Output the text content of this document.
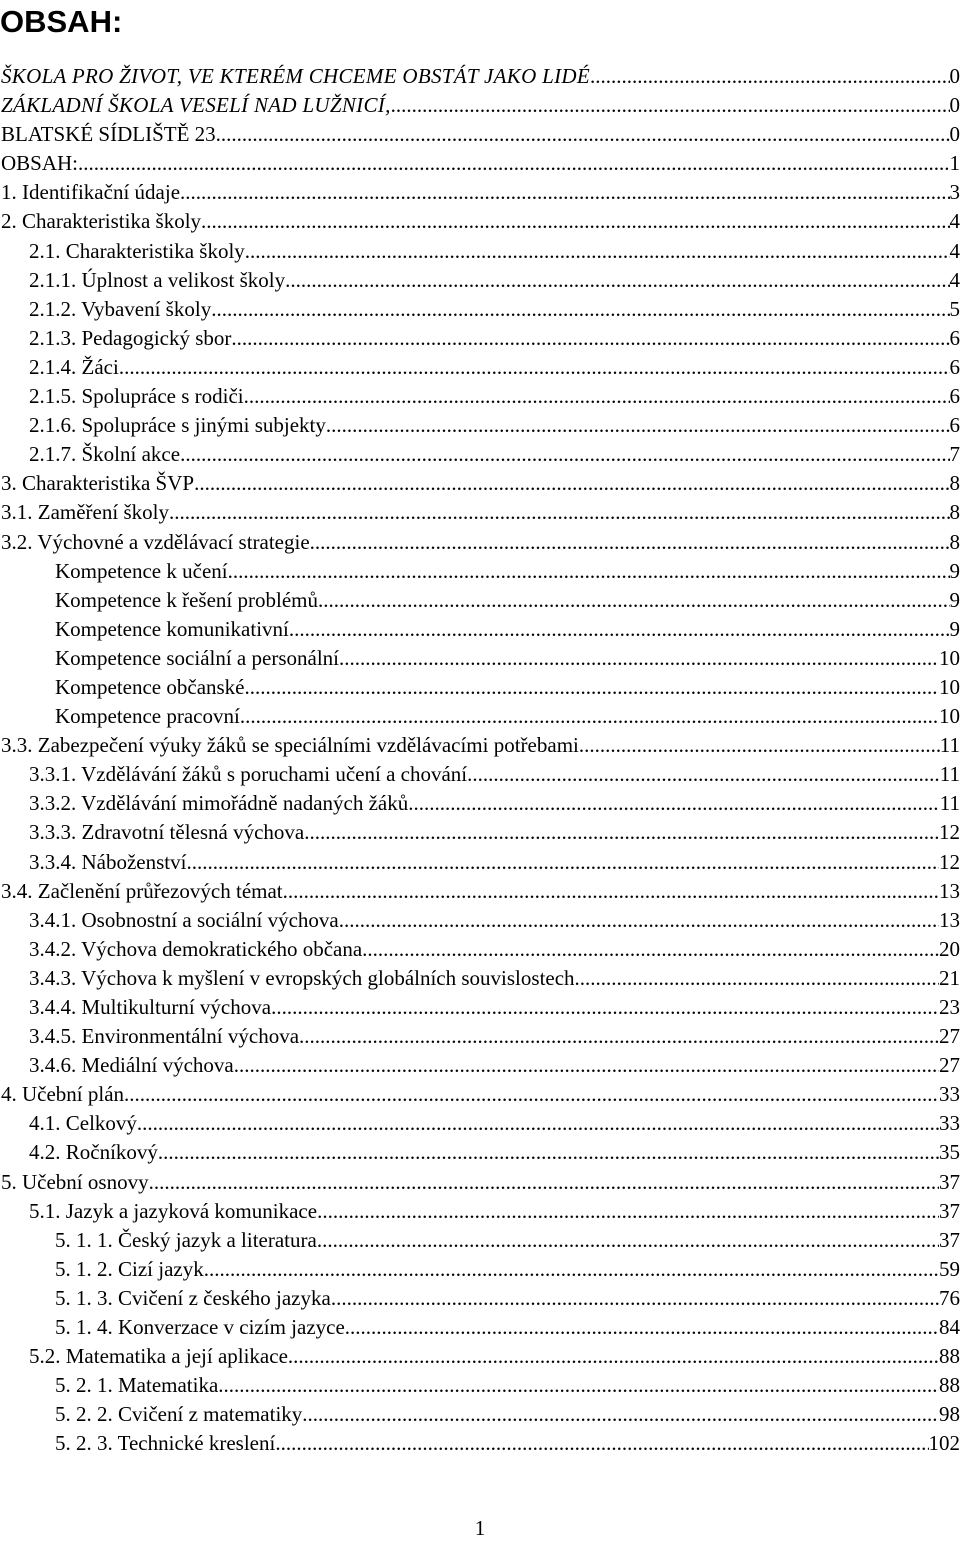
OBSAH:
ŠKOLA PRO ŽIVOT, VE KTERÉM CHCEME OBSTÁT JAKO LIDÉ .....	0
ZÁKLADNÍ ŠKOLA VESELÍ NAD LUŽNICÍ, .....	0
BLATSKÉ SÍDLIŠTĚ 23. .....	0
OBSAH: .....	1
1. Identifikační údaje .....	3
2. Charakteristika školy .....	4
2.1. Charakteristika školy .....	4
2.1.1. Úplnost a velikost školy .....	4
2.1.2. Vybavení školy .....	5
2.1.3. Pedagogický sbor .....	6
2.1.4. Žáci .....	6
2.1.5. Spolupráce s rodiči .....	6
2.1.6. Spolupráce s jinými subjekty .....	6
2.1.7. Školní akce .....	7
3. Charakteristika ŠVP .....	8
3.1. Zaměření školy .....	8
3.2. Výchovné a vzdělávací strategie .....	8
Kompetence k učení .....	9
Kompetence k řešení problémů .....	9
Kompetence komunikativní .....	9
Kompetence sociální a personální .....	10
Kompetence občanské .....	10
Kompetence pracovní .....	10
3.3. Zabezpečení výuky žáků se speciálními vzdělávacími potřebami .....	11
3.3.1. Vzdělávání žáků s poruchami učení a chování .....	11
3.3.2. Vzdělávání mimořádně nadaných žáků .....	11
3.3.3. Zdravotní tělesná výchova .....	12
3.3.4. Náboženství .....	12
3.4. Začlenění průřezových témat .....	13
3.4.1. Osobnostní a sociální výchova .....	13
3.4.2. Výchova demokratického občana .....	20
3.4.3. Výchova k myšlení v evropských globálních souvislostech .....	21
3.4.4. Multikulturní výchova .....	23
3.4.5. Environmentální výchova .....	27
3.4.6. Mediální výchova .....	27
4. Učební plán .....	33
4.1. Celkový .....	33
4.2. Ročníkový .....	35
5. Učební osnovy .....	37
5.1. Jazyk a jazyková komunikace .....	37
5. 1. 1. Český jazyk a literatura .....	37
5. 1. 2. Cizí jazyk .....	59
5. 1. 3. Cvičení z českého jazyka .....	76
5. 1. 4. Konverzace v cizím jazyce .....	84
5.2. Matematika a její aplikace .....	88
5. 2. 1. Matematika .....	88
5. 2. 2. Cvičení z matematiky .....	98
5. 2. 3. Technické kreslení .....	102
1
